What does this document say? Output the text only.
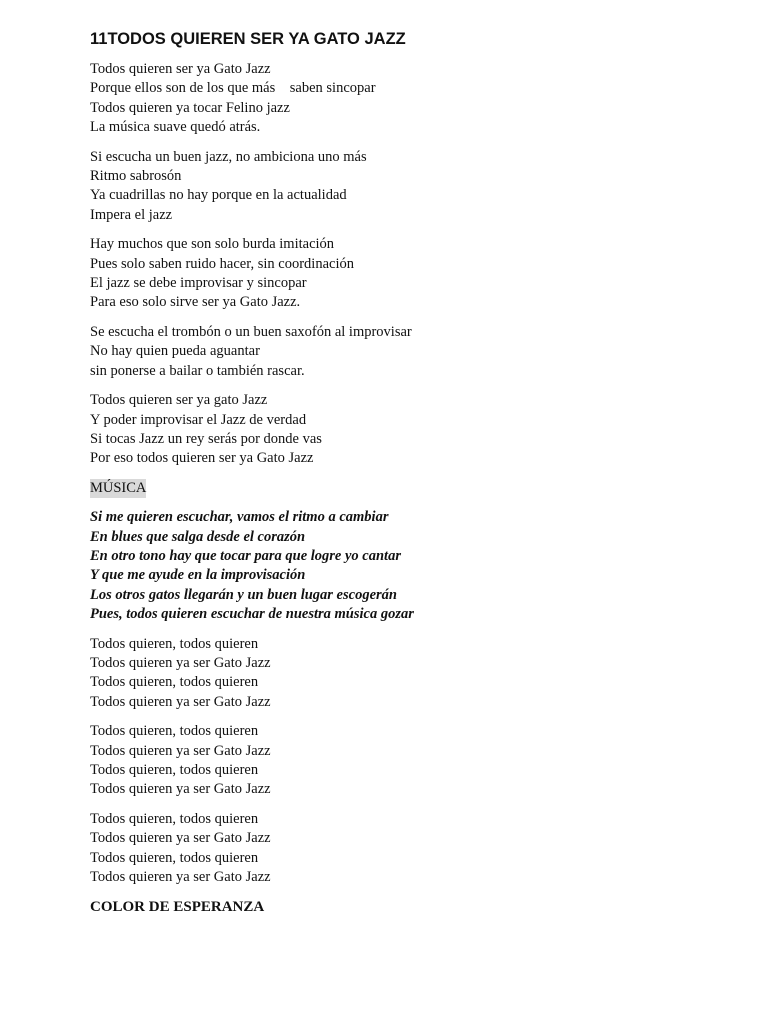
11TODOS QUIEREN SER YA GATO JAZZ
Todos quieren ser ya Gato Jazz
Porque ellos son de los que más    saben sincopar
Todos quieren ya tocar Felino jazz
La música suave quedó atrás.
Si escucha un buen jazz, no ambiciona uno más
Ritmo sabrosón
Ya cuadrillas no hay porque en la actualidad
Impera el jazz
Hay muchos que son solo burda imitación
Pues solo saben ruido hacer, sin coordinación
El jazz se debe improvisar y sincopar
Para eso solo sirve ser ya Gato Jazz.
Se escucha el trombón o un buen saxofón al improvisar
No hay quien pueda aguantar
sin ponerse a bailar o también rascar.
Todos quieren ser ya gato Jazz
Y poder improvisar el Jazz de verdad
Si tocas Jazz un rey serás por donde vas
Por eso todos quieren ser ya Gato Jazz
MÚSICA
Si me quieren escuchar, vamos el ritmo a cambiar
En blues que salga desde el corazón
En otro tono hay que tocar para que logre yo cantar
Y que me ayude en la improvisación
Los otros gatos llegarán y un buen lugar escogerán
Pues, todos quieren escuchar de nuestra música gozar
Todos quieren, todos quieren
Todos quieren ya ser Gato Jazz
Todos quieren, todos quieren
Todos quieren ya ser Gato Jazz
Todos quieren, todos quieren
Todos quieren ya ser Gato Jazz
Todos quieren, todos quieren
Todos quieren ya ser Gato Jazz
Todos quieren, todos quieren
Todos quieren ya ser Gato Jazz
Todos quieren, todos quieren
Todos quieren ya ser Gato Jazz
COLOR DE ESPERANZA
